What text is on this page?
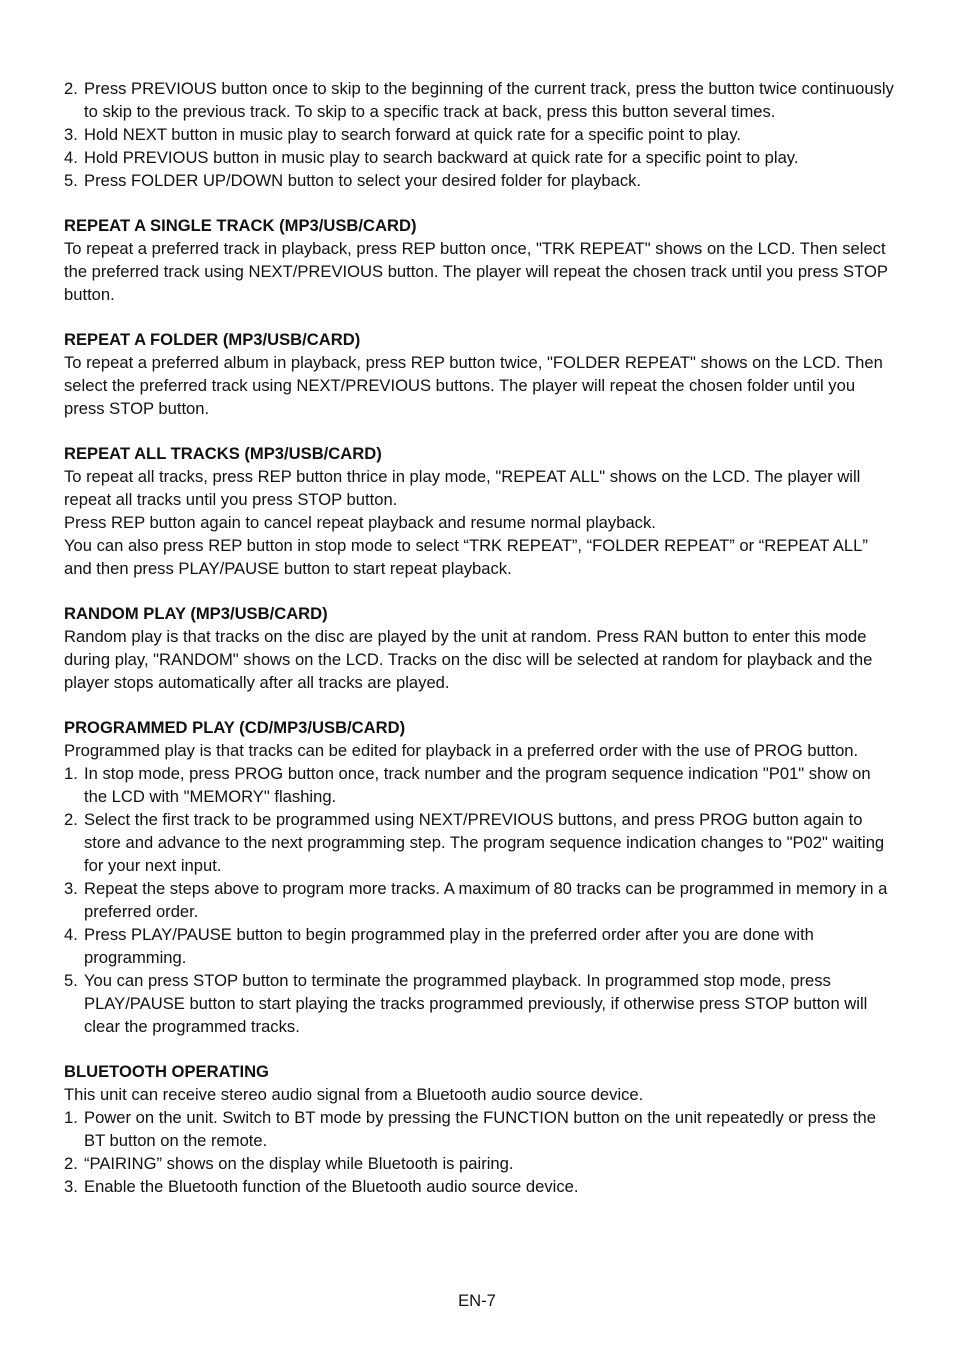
2. Press PREVIOUS button once to skip to the beginning of the current track, press the button twice continuously to skip to the previous track. To skip to a specific track at back, press this button several times.
3. Hold NEXT button in music play to search forward at quick rate for a specific point to play.
4. Hold PREVIOUS button in music play to search backward at quick rate for a specific point to play.
5. Press FOLDER UP/DOWN button to select your desired folder for playback.

REPEAT A SINGLE TRACK (MP3/USB/CARD)

To repeat a preferred track in playback, press REP button once, "TRK REPEAT" shows on the LCD. Then select the preferred track using NEXT/PREVIOUS button. The player will repeat the chosen track until you press STOP button.

REPEAT A FOLDER (MP3/USB/CARD)

To repeat a preferred album in playback, press REP button twice, "FOLDER REPEAT" shows on the LCD. Then select the preferred track using NEXT/PREVIOUS buttons. The player will repeat the chosen folder until you press STOP button.

REPEAT ALL TRACKS (MP3/USB/CARD)

To repeat all tracks, press REP button thrice in play mode, "REPEAT ALL" shows on the LCD. The player will repeat all tracks until you press STOP button.

Press REP button again to cancel repeat playback and resume normal playback.

You can also press REP button in stop mode to select “TRK REPEAT”, “FOLDER REPEAT” or “REPEAT ALL” and then press PLAY/PAUSE button to start repeat playback.

RANDOM PLAY (MP3/USB/CARD)

Random play is that tracks on the disc are played by the unit at random. Press RAN button to enter this mode during play, "RANDOM" shows on the LCD. Tracks on the disc will be selected at random for playback and the player stops automatically after all tracks are played.

PROGRAMMED PLAY (CD/MP3/USB/CARD)

Programmed play is that tracks can be edited for playback in a preferred order with the use of PROG button.

1. In stop mode, press PROG button once, track number and the program sequence indication "P01" show on the LCD with "MEMORY" flashing.
2. Select the first track to be programmed using NEXT/PREVIOUS buttons, and press PROG button again to store and advance to the next programming step. The program sequence indication changes to "P02" waiting for your next input.
3. Repeat the steps above to program more tracks. A maximum of 80 tracks can be programmed in memory in a preferred order.
4. Press PLAY/PAUSE button to begin programmed play in the preferred order after you are done with programming.
5. You can press STOP button to terminate the programmed playback. In programmed stop mode, press PLAY/PAUSE button to start playing the tracks programmed previously, if otherwise press STOP button will clear the programmed tracks.

BLUETOOTH OPERATING

This unit can receive stereo audio signal from a Bluetooth audio source device.

1. Power on the unit. Switch to BT mode by pressing the FUNCTION button on the unit repeatedly or press the BT button on the remote.
2. “PAIRING” shows on the display while Bluetooth is pairing.
3. Enable the Bluetooth function of the Bluetooth audio source device.
EN-7
